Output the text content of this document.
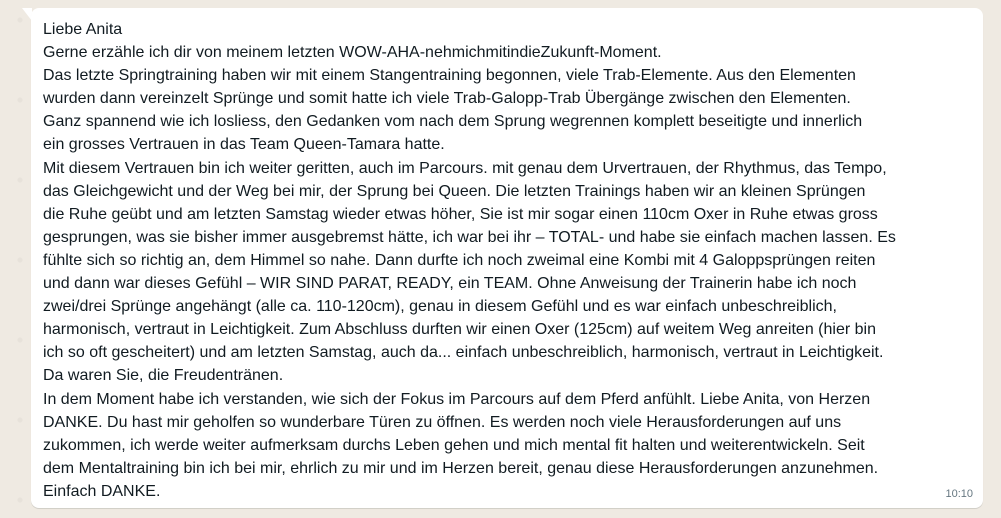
Liebe Anita
Gerne erzähle ich dir von meinem letzten WOW-AHA-nehmichmitindieZukunft-Moment.
Das letzte Springtraining haben wir mit einem Stangentraining begonnen, viele Trab-Elemente. Aus den Elementen
wurden dann vereinzelt Sprünge und somit hatte ich viele Trab-Galopp-Trab Übergänge zwischen den Elementen.
Ganz spannend wie ich losliess, den Gedanken vom nach dem Sprung wegrennen komplett beseitigte und innerlich
ein grosses Vertrauen in das Team Queen-Tamara hatte.
Mit diesem Vertrauen bin ich weiter geritten, auch im Parcours. mit genau dem Urvertrauen, der Rhythmus, das Tempo,
das Gleichgewicht und der Weg bei mir, der Sprung bei Queen. Die letzten Trainings haben wir an kleinen Sprüngen
die Ruhe geübt und am letzten Samstag wieder etwas höher, Sie ist mir sogar einen 110cm Oxer in Ruhe etwas gross
gesprungen, was sie bisher immer ausgebremst hätte, ich war bei ihr – TOTAL- und habe sie einfach machen lassen. Es
fühlte sich so richtig an, dem Himmel so nahe. Dann durfte ich noch zweimal eine Kombi mit 4 Galoppsprüngen reiten
und dann war dieses Gefühl – WIR SIND PARAT, READY, ein TEAM. Ohne Anweisung der Trainerin habe ich noch
zwei/drei Sprünge angehängt (alle ca. 110-120cm), genau in diesem Gefühl und es war einfach unbeschreiblich,
harmonisch, vertraut in Leichtigkeit. Zum Abschluss durften wir einen Oxer (125cm) auf weitem Weg anreiten (hier bin
ich so oft gescheitert) und am letzten Samstag, auch da... einfach unbeschreiblich, harmonisch, vertraut in Leichtigkeit.
Da waren Sie, die Freudentränen.
In dem Moment habe ich verstanden, wie sich der Fokus im Parcours auf dem Pferd anfühlt. Liebe Anita, von Herzen
DANKE. Du hast mir geholfen so wunderbare Türen zu öffnen. Es werden noch viele Herausforderungen auf uns
zukommen, ich werde weiter aufmerksam durchs Leben gehen und mich mental fit halten und weiterentwickeln. Seit
dem Mentaltraining bin ich bei mir, ehrlich zu mir und im Herzen bereit, genau diese Herausforderungen anzunehmen.
Einfach DANKE.	10:10
